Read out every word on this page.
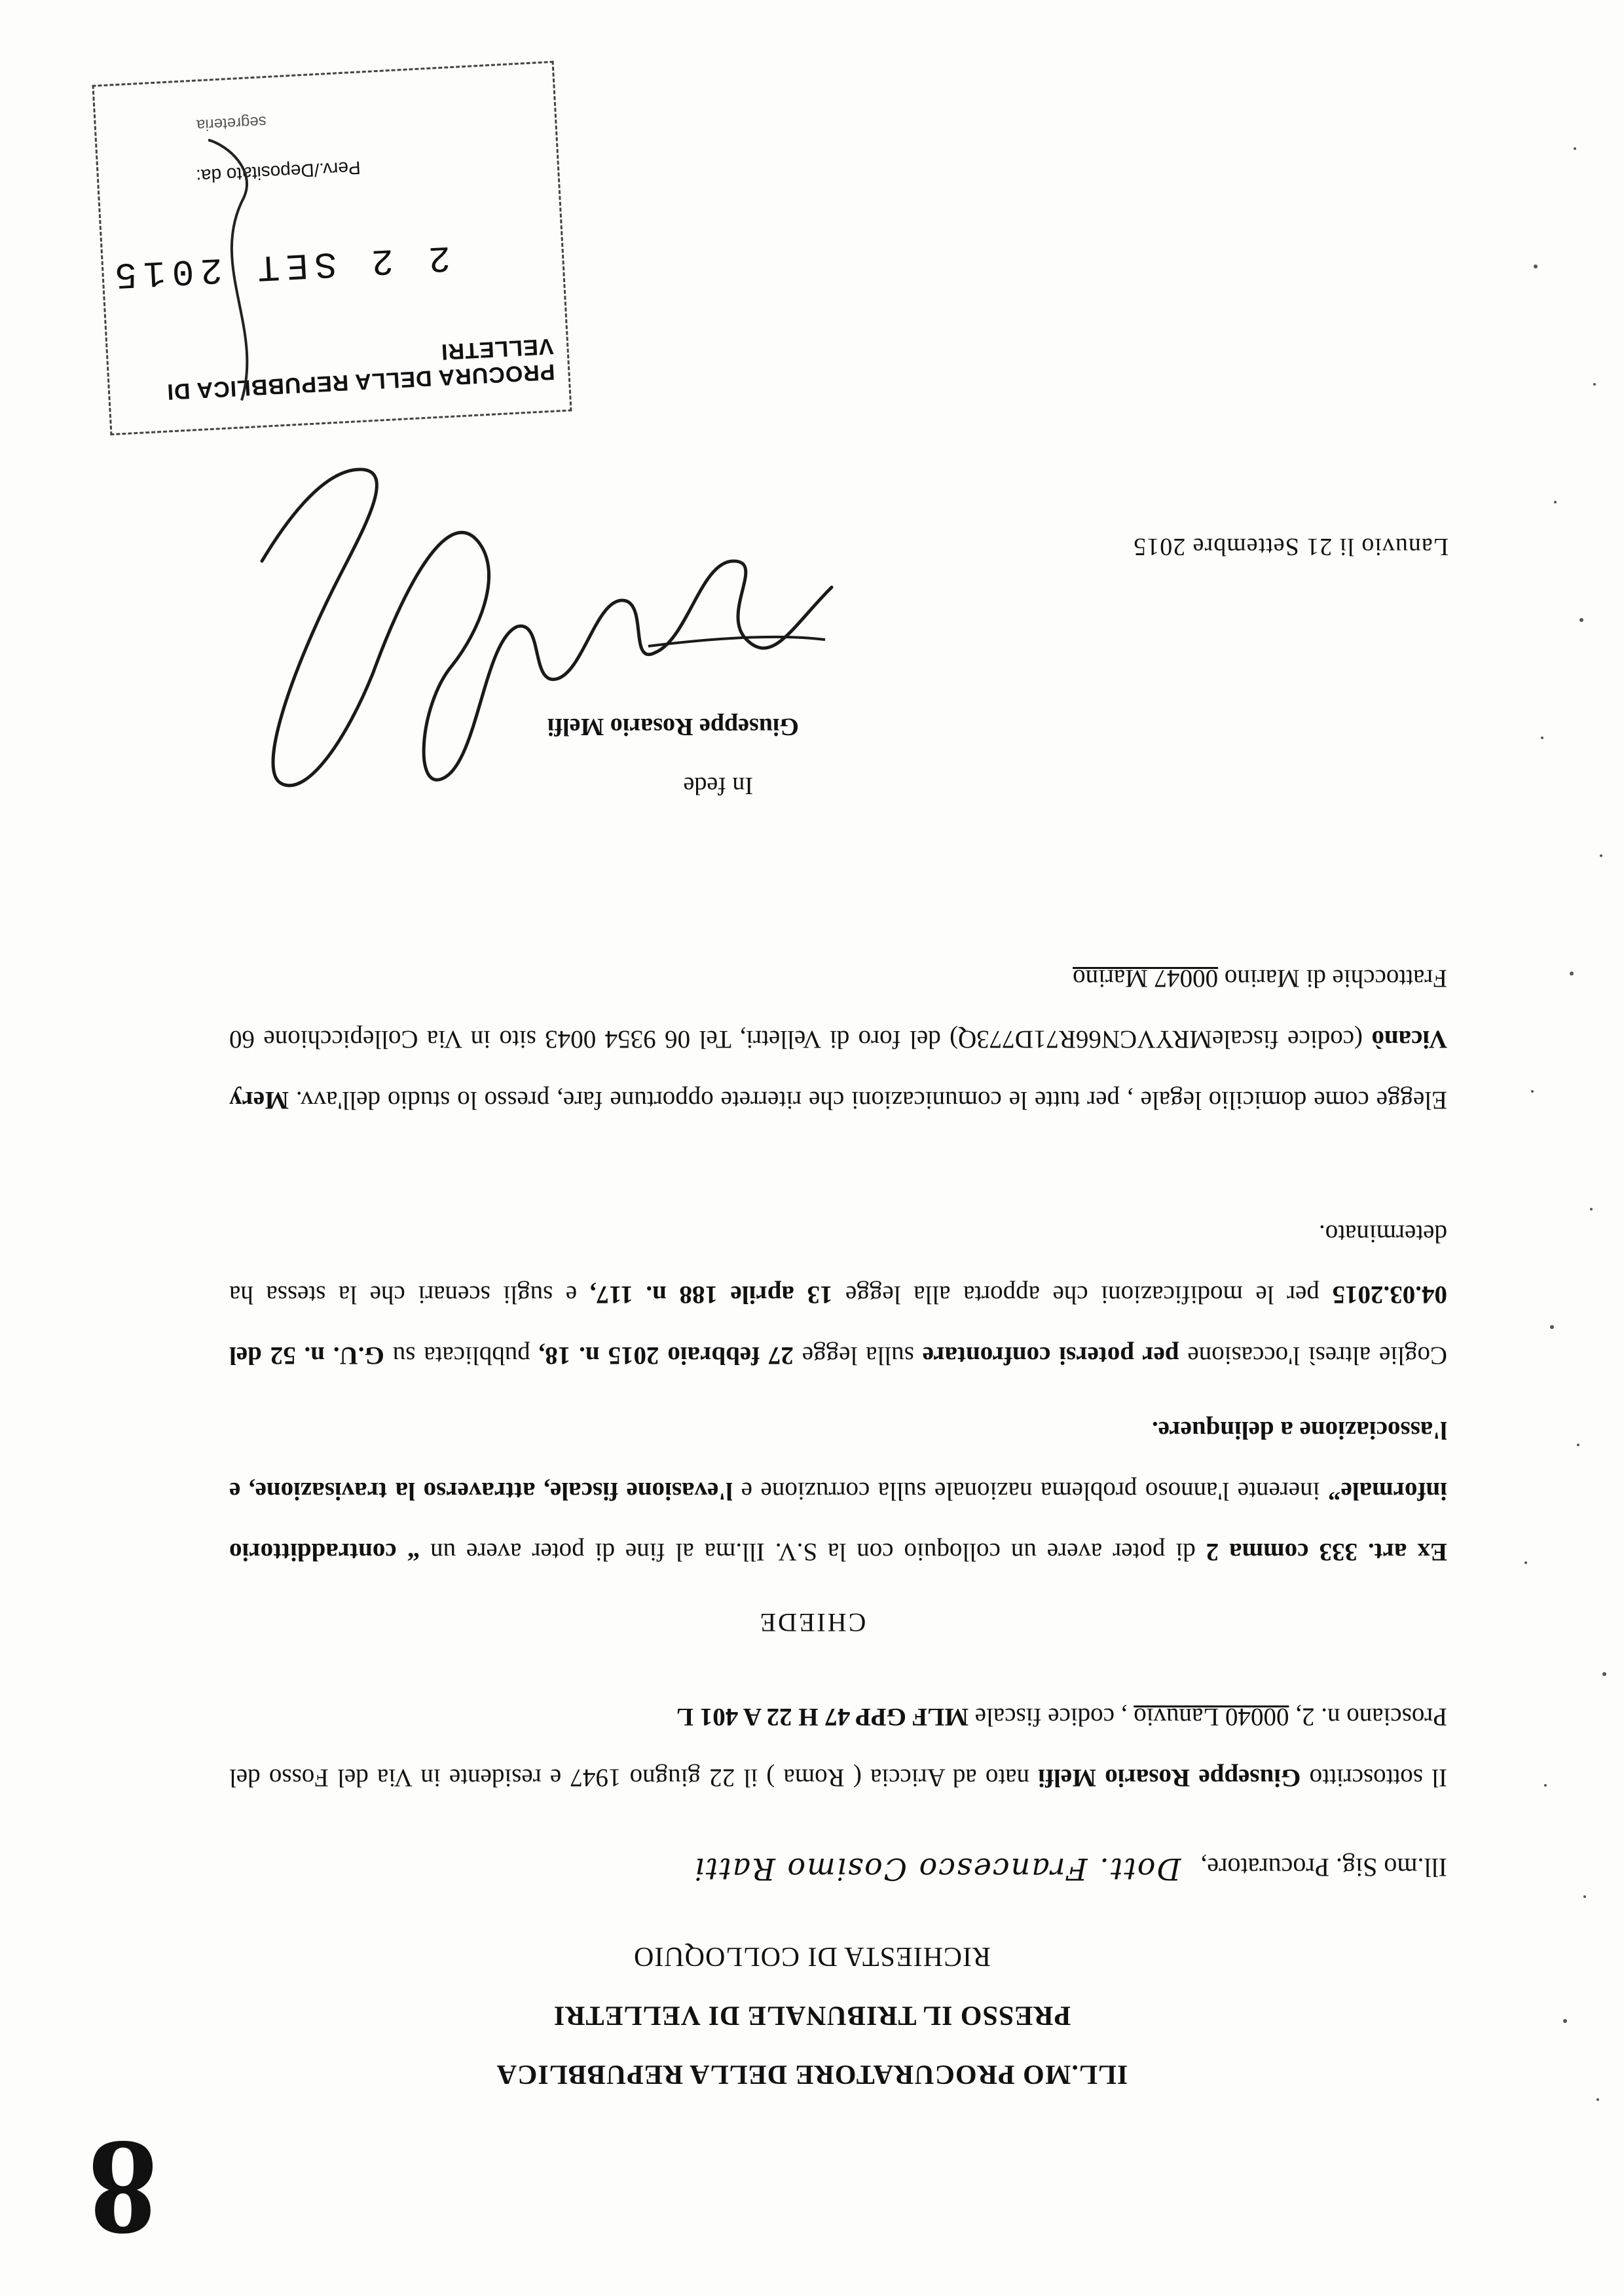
8
ILL.MO PROCURATORE DELLA REPUBBLICA
PRESSO IL TRIBUNALE DI VELLETRI
RICHIESTA DI COLLOQUIO
Ill.mo Sig. Procuratore, Dott. Francesco Cosimo Ratti
Il sottoscritto Giuseppe Rosario Melfi nato ad Ariccia ( Roma ) il 22 giugno 1947 e residente in Via del Fosso del Prosciano n. 2, 00040 Lanuvio , codice fiscale MLF GPP 47 H 22 A 401 L
CHIEDE
Ex art. 333 comma 2 di poter avere un colloquio con la S.V. Ill.ma al fine di poter avere un “ contraddittorio informale” inerente l'annoso problema nazionale sulla corruzione e l'evasione fiscale, attraverso la travisazione, e l'associazione a delinquere.
Coglie altresì l'occasione per potersi confrontare sulla legge 27 febbraio 2015 n. 18, pubblicata su G.U. n. 52 del 04.03.2015 per le modificazioni che apporta alla legge 13 aprile 188 n. 117, e sugli scenari che la stessa ha determinato.
Elegge come domicilio legale , per tutte le comunicazioni che riterrete opportune fare, presso lo studio dell'avv. Mery Vicanò (codice fiscaleMRYVCN66R71D773Q) del foro di Velletri, Tel 06 9354 0043 sito in Via Collepicchione 60 Frattocchie di Marino 00047 Marino
In fede
Giuseppe Rosario Melfi
Lanuvio li 21 Settembre 2015
PROCURA DELLA REPUBBLICA DI VELLETRI
2 2 SET 2015
Perv./Depositato da:
segreteria
